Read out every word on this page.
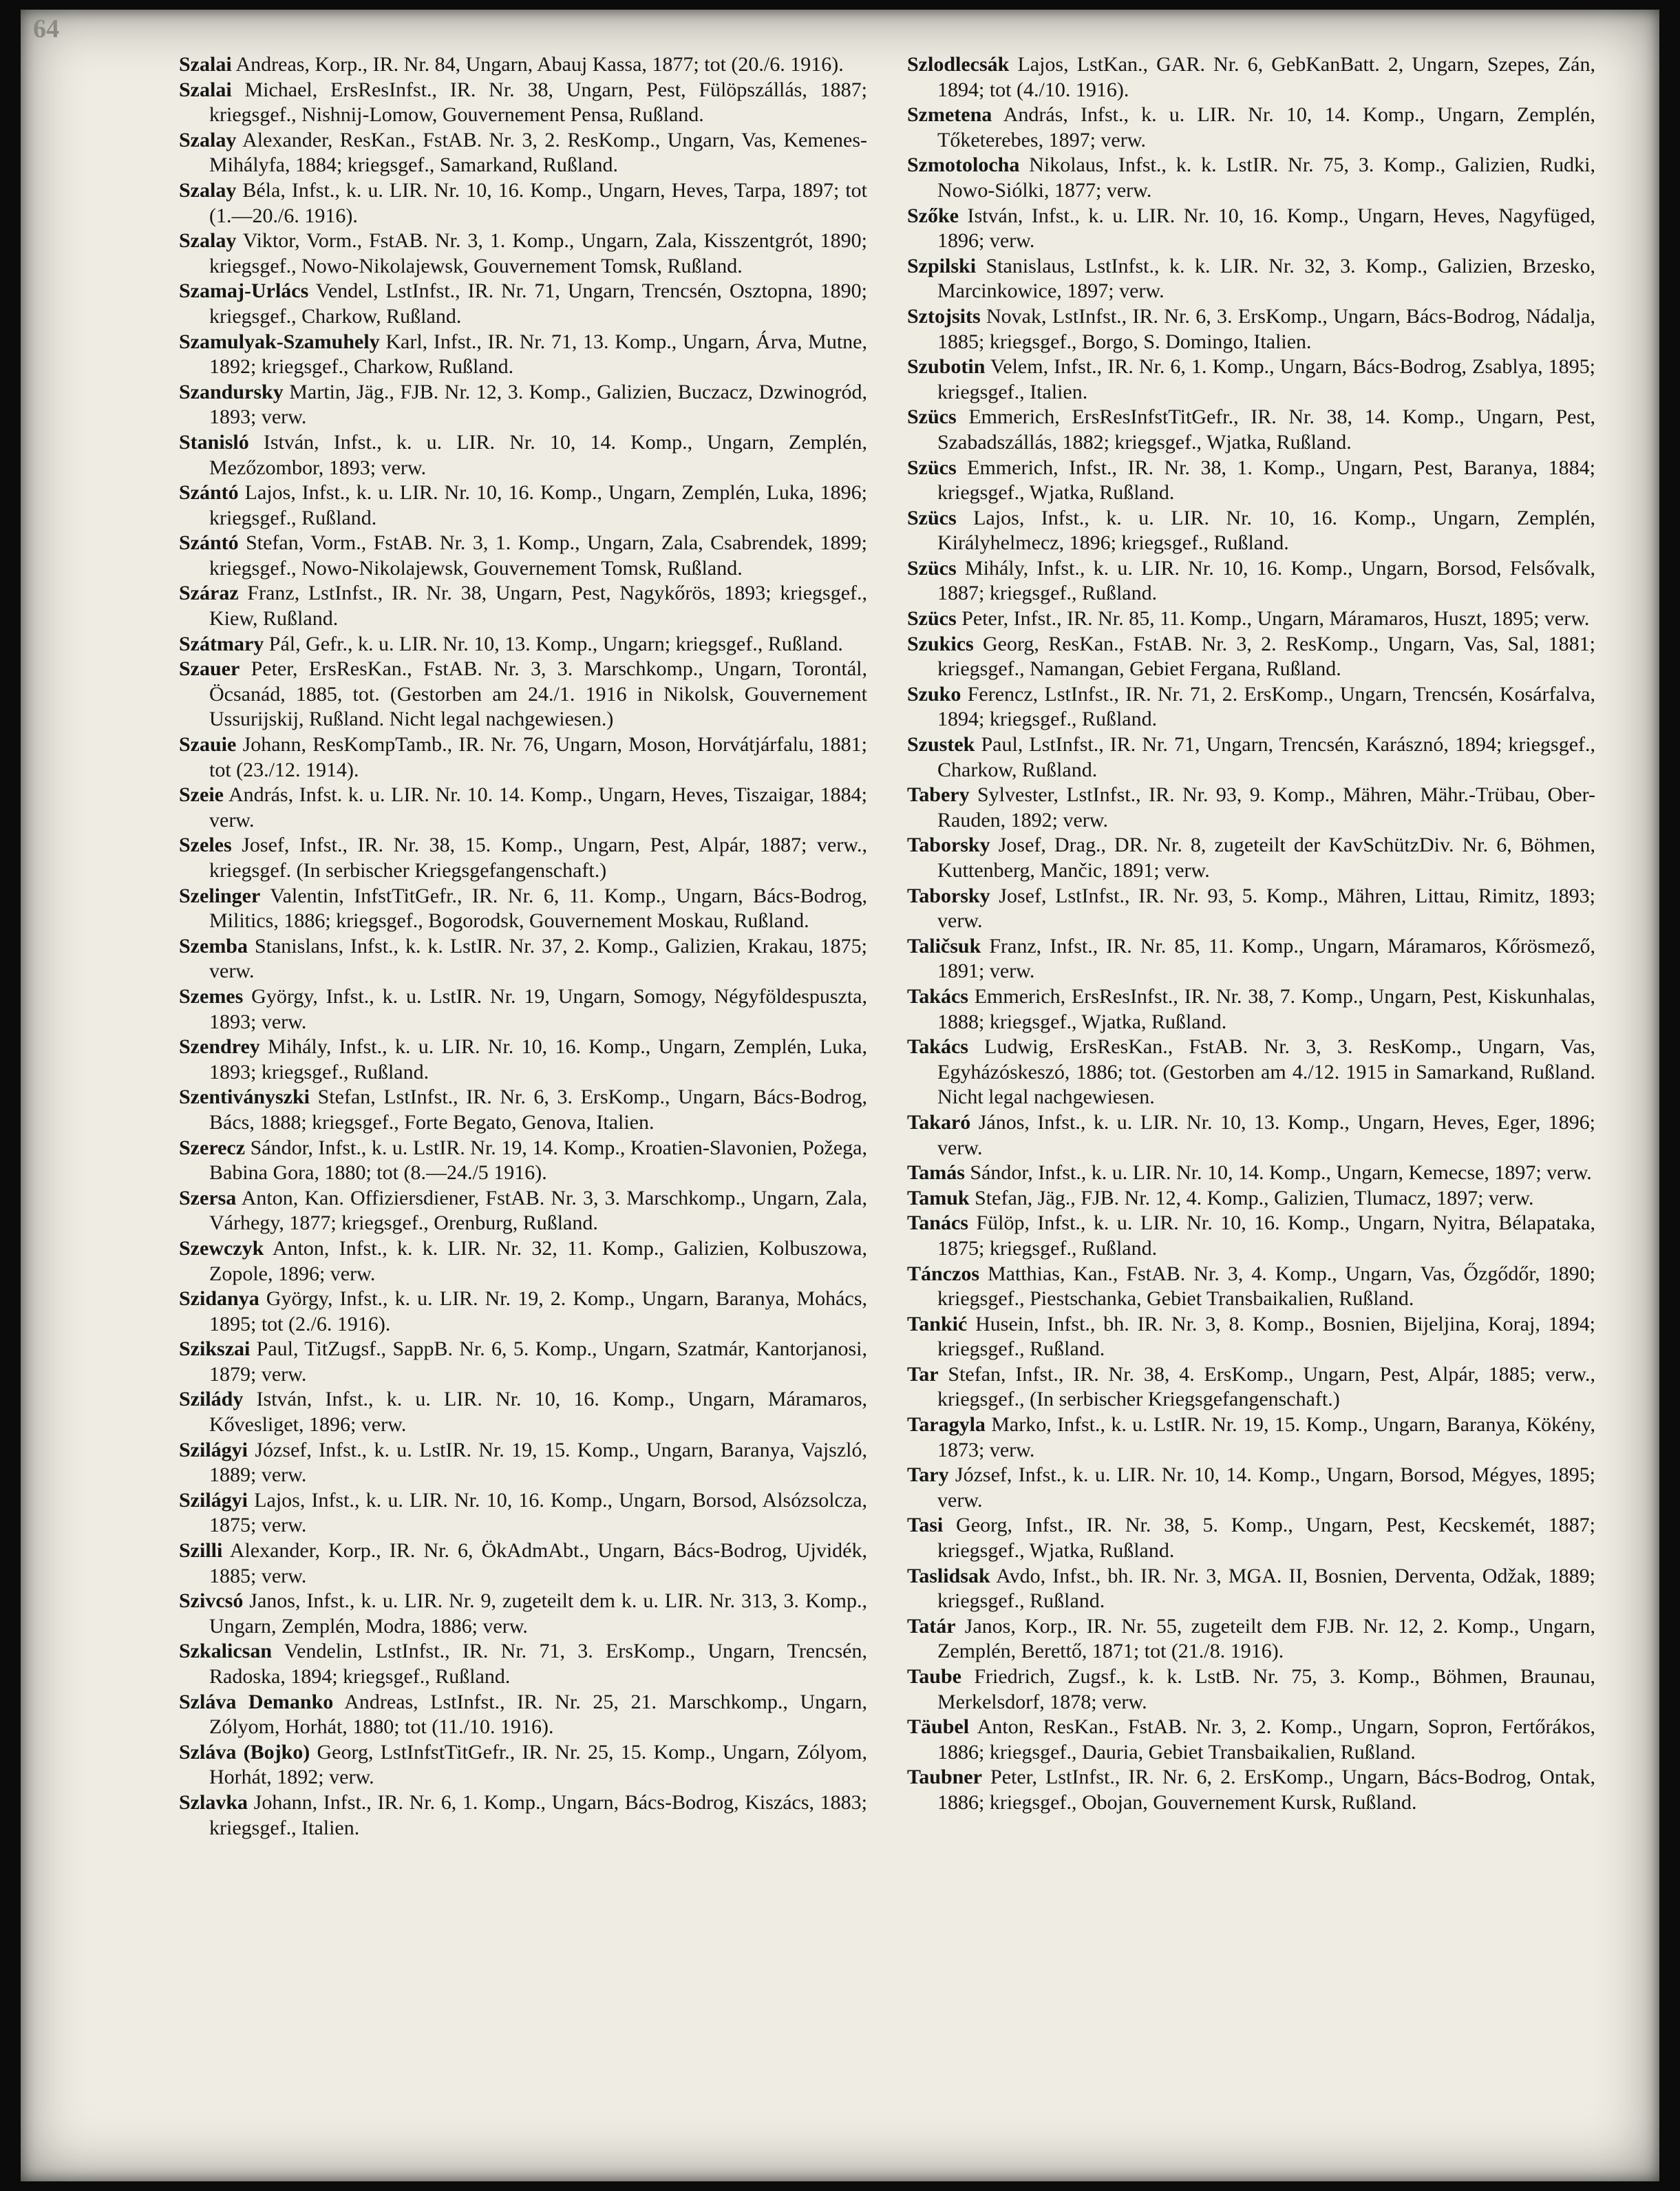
64

Szalai Andreas, Korp., IR. Nr. 84, Ungarn, Abauj Kassa, 1877; tot (20./6. 1916).
Szalai Michael, ErsResInfst., IR. Nr. 38, Ungarn, Pest, Fülöpszállás, 1887; kriegsgef., Nishnij-Lomow, Gouvernement Pensa, Rußland.
Szalay Alexander, ResKan., FstAB. Nr. 3, 2. ResKomp., Ungarn, Vas, Kemenes-Mihályfa, 1884; kriegsgef., Samarkand, Rußland.
Szalay Béla, Infst., k. u. LIR. Nr. 10, 16. Komp., Ungarn, Heves, Tarpa, 1897; tot (1.—20./6. 1916).
Szalay Viktor, Vorm., FstAB. Nr. 3, 1. Komp., Ungarn, Zala, Kisszentgrót, 1890; kriegsgef., Nowo-Nikolajewsk, Gouvernement Tomsk, Rußland.
Szamaj-Urlács Vendel, LstInfst., IR. Nr. 71, Ungarn, Trencsén, Osztopna, 1890; kriegsgef., Charkow, Rußland.
Szamulyak-Szamuhely Karl, Infst., IR. Nr. 71, 13. Komp., Ungarn, Árva, Mutne, 1892; kriegsgef., Charkow, Rußland.
Szandursky Martin, Jäg., FJB. Nr. 12, 3. Komp., Galizien, Buczacz, Dzwinogród, 1893; verw.
Stanisló István, Infst., k. u. LIR. Nr. 10, 14. Komp., Ungarn, Zemplén, Mezőzombor, 1893; verw.
Szántó Lajos, Infst., k. u. LIR. Nr. 10, 16. Komp., Ungarn, Zemplén, Luka, 1896; kriegsgef., Rußland.
Szántó Stefan, Vorm., FstAB. Nr. 3, 1. Komp., Ungarn, Zala, Csabrendek, 1899; kriegsgef., Nowo-Nikolajewsk, Gouvernement Tomsk, Rußland.
Száraz Franz, LstInfst., IR. Nr. 38, Ungarn, Pest, Nagykőrös, 1893; kriegsgef., Kiew, Rußland.
Szátmary Pál, Gefr., k. u. LIR. Nr. 10, 13. Komp., Ungarn; kriegsgef., Rußland.
Szauer Peter, ErsResKan., FstAB. Nr. 3, 3. Marschkomp., Ungarn, Torontál, Öcsanád, 1885, tot. (Gestorben am 24./1. 1916 in Nikolsk, Gouvernement Ussurijskij, Rußland. Nicht legal nachgewiesen.)
Szauie Johann, ResKompTamb., IR. Nr. 76, Ungarn, Moson, Horvátjárfalu, 1881; tot (23./12. 1914).
Szeie András, Infst. k. u. LIR. Nr. 10. 14. Komp., Ungarn, Heves, Tiszaigar, 1884; verw.
Szeles Josef, Infst., IR. Nr. 38, 15. Komp., Ungarn, Pest, Alpár, 1887; verw., kriegsgef. (In serbischer Kriegsgefangenschaft.)
Szelinger Valentin, InfstTitGefr., IR. Nr. 6, 11. Komp., Ungarn, Bács-Bodrog, Militics, 1886; kriegsgef., Bogorodsk, Gouvernement Moskau, Rußland.
Szemba Stanislans, Infst., k. k. LstIR. Nr. 37, 2. Komp., Galizien, Krakau, 1875; verw.
Szemes György, Infst., k. u. LstIR. Nr. 19, Ungarn, Somogy, Négyföldespuszta, 1893; verw.
Szendrey Mihály, Infst., k. u. LIR. Nr. 10, 16. Komp., Ungarn, Zemplén, Luka, 1893; kriegsgef., Rußland.
Szentiványszki Stefan, LstInfst., IR. Nr. 6, 3. ErsKomp., Ungarn, Bács-Bodrog, Bács, 1888; kriegsgef., Forte Begato, Genova, Italien.
Szerecz Sándor, Infst., k. u. LstIR. Nr. 19, 14. Komp., Kroatien-Slavonien, Požega, Babina Gora, 1880; tot (8.—24./5 1916).
Szersa Anton, Kan. Offiziersdiener, FstAB. Nr. 3, 3. Marschkomp., Ungarn, Zala, Várhegy, 1877; kriegsgef., Orenburg, Rußland.
Szewczyk Anton, Infst., k. k. LIR. Nr. 32, 11. Komp., Galizien, Kolbuszowa, Zopole, 1896; verw.
Szidanya György, Infst., k. u. LIR. Nr. 19, 2. Komp., Ungarn, Baranya, Mohács, 1895; tot (2./6. 1916).
Szikszai Paul, TitZugsf., SappB. Nr. 6, 5. Komp., Ungarn, Szatmár, Kantorjanosi, 1879; verw.
Szilády István, Infst., k. u. LIR. Nr. 10, 16. Komp., Ungarn, Máramaros, Kővesliget, 1896; verw.
Szilágyi József, Infst., k. u. LstIR. Nr. 19, 15. Komp., Ungarn, Baranya, Vajszló, 1889; verw.
Szilágyi Lajos, Infst., k. u. LIR. Nr. 10, 16. Komp., Ungarn, Borsod, Alsózsolcza, 1875; verw.
Szilli Alexander, Korp., IR. Nr. 6, ÖkAdmAbt., Ungarn, Bács-Bodrog, Ujvidék, 1885; verw.
Szivcsó Janos, Infst., k. u. LIR. Nr. 9, zugeteilt dem k. u. LIR. Nr. 313, 3. Komp., Ungarn, Zemplén, Modra, 1886; verw.
Szkalicsan Vendelin, LstInfst., IR. Nr. 71, 3. ErsKomp., Ungarn, Trencsén, Radoska, 1894; kriegsgef., Rußland.
Szláva Demanko Andreas, LstInfst., IR. Nr. 25, 21. Marschkomp., Ungarn, Zólyom, Horhát, 1880; tot (11./10. 1916).
Szláva (Bojko) Georg, LstInfstTitGefr., IR. Nr. 25, 15. Komp., Ungarn, Zólyom, Horhát, 1892; verw.
Szlavka Johann, Infst., IR. Nr. 6, 1. Komp., Ungarn, Bács-Bodrog, Kiszács, 1883; kriegsgef., Italien.
Szlodlecsák Lajos, LstKan., GAR. Nr. 6, GebKanBatt. 2, Ungarn, Szepes, Zán, 1894; tot (4./10. 1916).
Szmetena András, Infst., k. u. LIR. Nr. 10, 14. Komp., Ungarn, Zemplén, Tőketerebes, 1897; verw.
Szmotolocha Nikolaus, Infst., k. k. LstIR. Nr. 75, 3. Komp., Galizien, Rudki, Nowo-Siólki, 1877; verw.
Szőke István, Infst., k. u. LIR. Nr. 10, 16. Komp., Ungarn, Heves, Nagyfüged, 1896; verw.
Szpilski Stanislaus, LstInfst., k. k. LIR. Nr. 32, 3. Komp., Galizien, Brzesko, Marcinkowice, 1897; verw.
Sztojsits Novak, LstInfst., IR. Nr. 6, 3. ErsKomp., Ungarn, Bács-Bodrog, Nádalja, 1885; kriegsgef., Borgo, S. Domingo, Italien.
Szubotin Velem, Infst., IR. Nr. 6, 1. Komp., Ungarn, Bács-Bodrog, Zsablya, 1895; kriegsgef., Italien.
Szücs Emmerich, ErsResInfstTitGefr., IR. Nr. 38, 14. Komp., Ungarn, Pest, Szabadszállás, 1882; kriegsgef., Wjatka, Rußland.
Szücs Emmerich, Infst., IR. Nr. 38, 1. Komp., Ungarn, Pest, Baranya, 1884; kriegsgef., Wjatka, Rußland.
Szücs Lajos, Infst., k. u. LIR. Nr. 10, 16. Komp., Ungarn, Zemplén, Királyhelmecz, 1896; kriegsgef., Rußland.
Szücs Mihály, Infst., k. u. LIR. Nr. 10, 16. Komp., Ungarn, Borsod, Felsővalk, 1887; kriegsgef., Rußland.
Szücs Peter, Infst., IR. Nr. 85, 11. Komp., Ungarn, Máramaros, Huszt, 1895; verw.
Szukics Georg, ResKan., FstAB. Nr. 3, 2. ResKomp., Ungarn, Vas, Sal, 1881; kriegsgef., Namangan, Gebiet Fergana, Rußland.
Szuko Ferencz, LstInfst., IR. Nr. 71, 2. ErsKomp., Ungarn, Trencsén, Kosárfalva, 1894; kriegsgef., Rußland.
Szustek Paul, LstInfst., IR. Nr. 71, Ungarn, Trencsén, Karásznó, 1894; kriegsgef., Charkow, Rußland.
Tabery Sylvester, LstInfst., IR. Nr. 93, 9. Komp., Mähren, Mähr.-Trübau, Ober-Rauden, 1892; verw.
Taborsky Josef, Drag., DR. Nr. 8, zugeteilt der KavSchützDiv. Nr. 6, Böhmen, Kuttenberg, Mančic, 1891; verw.
Taborsky Josef, LstInfst., IR. Nr. 93, 5. Komp., Mähren, Littau, Rimitz, 1893; verw.
Taličsuk Franz, Infst., IR. Nr. 85, 11. Komp., Ungarn, Máramaros, Kőrösmező, 1891; verw.
Takács Emmerich, ErsResInfst., IR. Nr. 38, 7. Komp., Ungarn, Pest, Kiskunhalas, 1888; kriegsgef., Wjatka, Rußland.
Takács Ludwig, ErsResKan., FstAB. Nr. 3, 3. ResKomp., Ungarn, Vas, Egyházóskeszó, 1886; tot. (Gestorben am 4./12. 1915 in Samarkand, Rußland. Nicht legal nachgewiesen.
Takaró János, Infst., k. u. LIR. Nr. 10, 13. Komp., Ungarn, Heves, Eger, 1896; verw.
Tamás Sándor, Infst., k. u. LIR. Nr. 10, 14. Komp., Ungarn, Kemecse, 1897; verw.
Tamuk Stefan, Jäg., FJB. Nr. 12, 4. Komp., Galizien, Tlumacz, 1897; verw.
Tanács Fülöp, Infst., k. u. LIR. Nr. 10, 16. Komp., Ungarn, Nyitra, Bélapataka, 1875; kriegsgef., Rußland.
Tánczos Matthias, Kan., FstAB. Nr. 3, 4. Komp., Ungarn, Vas, Őzgődőr, 1890; kriegsgef., Piestschanka, Gebiet Transbaikalien, Rußland.
Tankić Husein, Infst., bh. IR. Nr. 3, 8. Komp., Bosnien, Bijeljina, Koraj, 1894; kriegsgef., Rußland.
Tar Stefan, Infst., IR. Nr. 38, 4. ErsKomp., Ungarn, Pest, Alpár, 1885; verw., kriegsgef., (In serbischer Kriegsgefangenschaft.)
Taragyla Marko, Infst., k. u. LstIR. Nr. 19, 15. Komp., Ungarn, Baranya, Kökény, 1873; verw.
Tary József, Infst., k. u. LIR. Nr. 10, 14. Komp., Ungarn, Borsod, Mégyes, 1895; verw.
Tasi Georg, Infst., IR. Nr. 38, 5. Komp., Ungarn, Pest, Kecskemét, 1887; kriegsgef., Wjatka, Rußland.
Taslidsak Avdo, Infst., bh. IR. Nr. 3, MGA. II, Bosnien, Derventa, Odžak, 1889; kriegsgef., Rußland.
Tatár Janos, Korp., IR. Nr. 55, zugeteilt dem FJB. Nr. 12, 2. Komp., Ungarn, Zemplén, Berettő, 1871; tot (21./8. 1916).
Taube Friedrich, Zugsf., k. k. LstB. Nr. 75, 3. Komp., Böhmen, Braunau, Merkelsdorf, 1878; verw.
Täubel Anton, ResKan., FstAB. Nr. 3, 2. Komp., Ungarn, Sopron, Fertőrákos, 1886; kriegsgef., Dauria, Gebiet Transbaikalien, Rußland.
Taubner Peter, LstInfst., IR. Nr. 6, 2. ErsKomp., Ungarn, Bács-Bodrog, Ontak, 1886; kriegsgef., Obojan, Gouvernement Kursk, Rußland.
